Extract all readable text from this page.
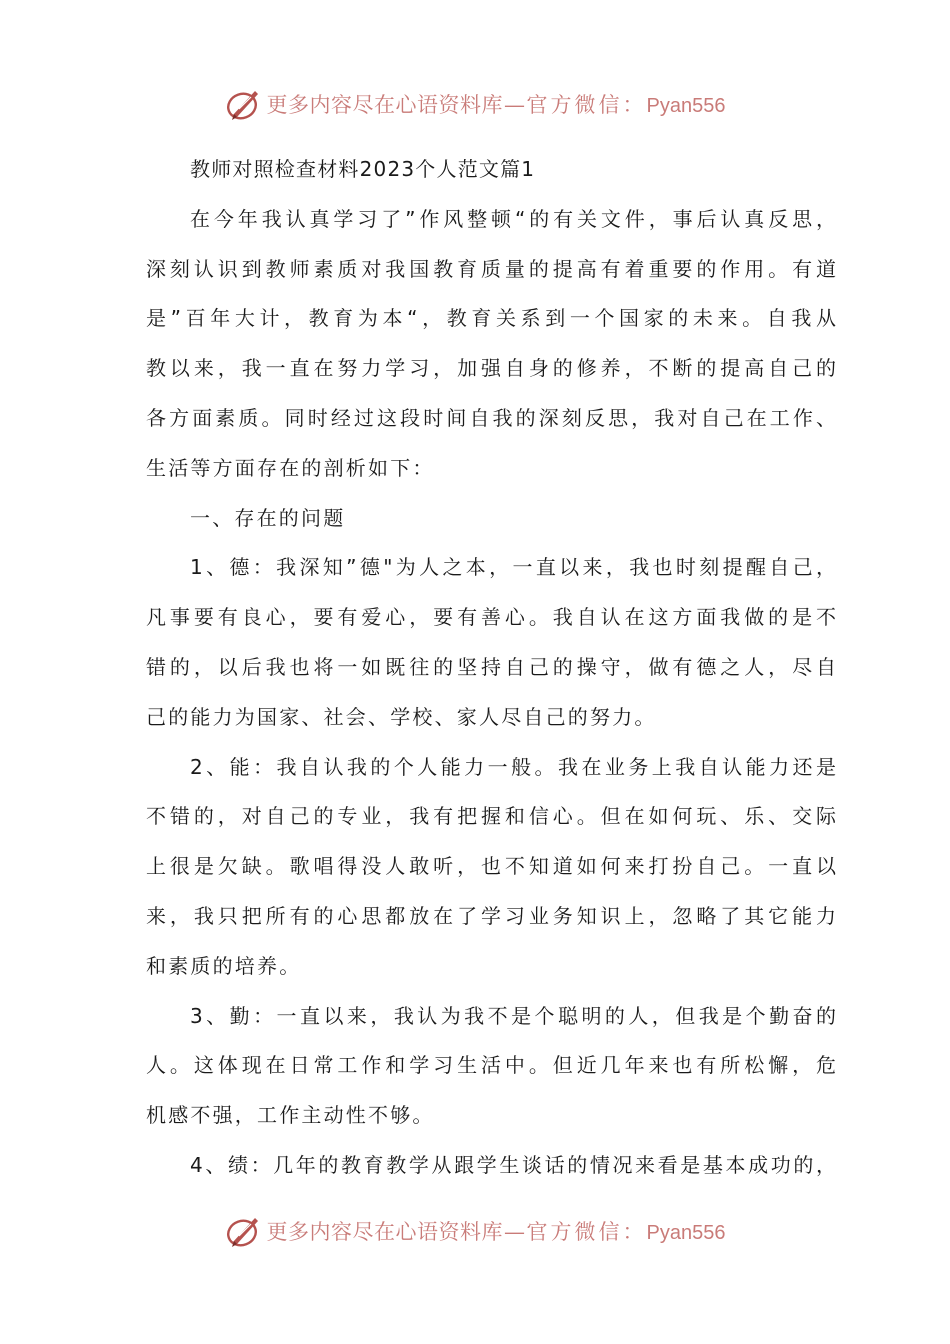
更多内容尽在心语资料库—官方微信：Pyan556
教师对照检查材料2023个人范文篇1
在今年我认真学习了”作风整顿“的有关文件，事后认真反思，
深刻认识到教师素质对我国教育质量的提高有着重要的作用。有道
是”百年大计，教育为本“，教育关系到一个国家的未来。自我从
教以来，我一直在努力学习，加强自身的修养，不断的提高自己的
各方面素质。同时经过这段时间自我的深刻反思，我对自己在工作、
生活等方面存在的剖析如下：
一、存在的问题
1、德：我深知”德"为人之本，一直以来，我也时刻提醒自己，
凡事要有良心，要有爱心，要有善心。我自认在这方面我做的是不
错的，以后我也将一如既往的坚持自己的操守，做有德之人，尽自
己的能力为国家、社会、学校、家人尽自己的努力。
2、能：我自认我的个人能力一般。我在业务上我自认能力还是
不错的，对自己的专业，我有把握和信心。但在如何玩、乐、交际
上很是欠缺。歌唱得没人敢听，也不知道如何来打扮自己。一直以
来，我只把所有的心思都放在了学习业务知识上，忽略了其它能力
和素质的培养。
3、勤：一直以来，我认为我不是个聪明的人，但我是个勤奋的
人。这体现在日常工作和学习生活中。但近几年来也有所松懈，危
机感不强，工作主动性不够。
4、绩：几年的教育教学从跟学生谈话的情况来看是基本成功的，
更多内容尽在心语资料库—官方微信：Pyan556
